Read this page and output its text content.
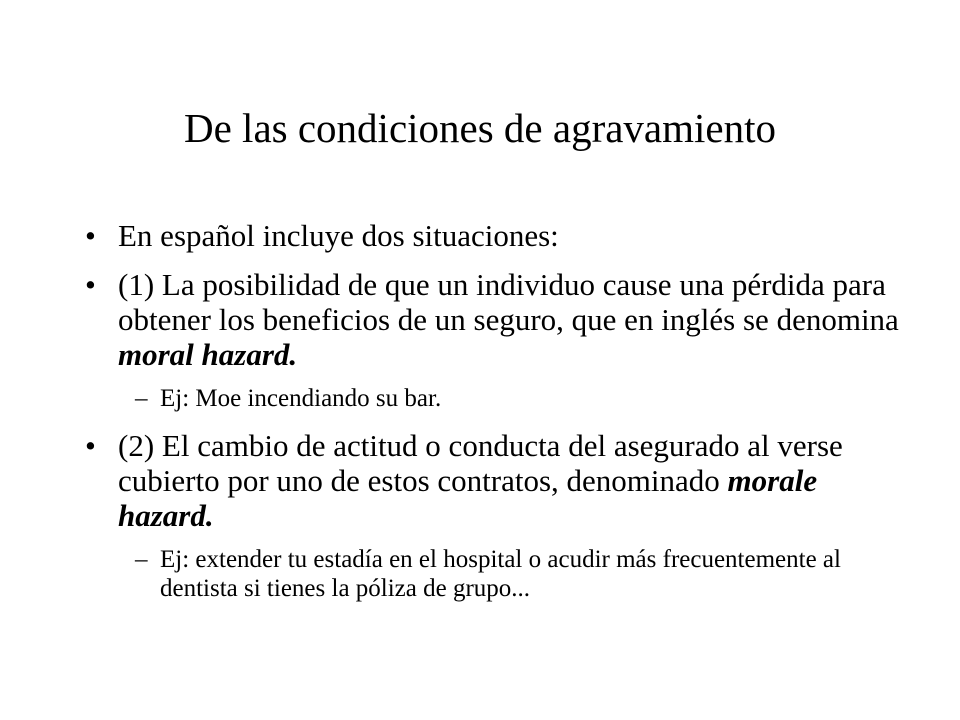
De las condiciones de agravamiento
• En español incluye dos situaciones:
• (1) La posibilidad de que un individuo cause una pérdida para obtener los beneficios de un seguro, que en inglés se denomina moral hazard.
– Ej: Moe incendiando su bar.
• (2) El cambio de actitud o conducta del asegurado al verse cubierto por uno de estos contratos, denominado morale hazard.
– Ej: extender tu estadía en el hospital o acudir más frecuentemente al dentista si tienes la póliza de grupo...
